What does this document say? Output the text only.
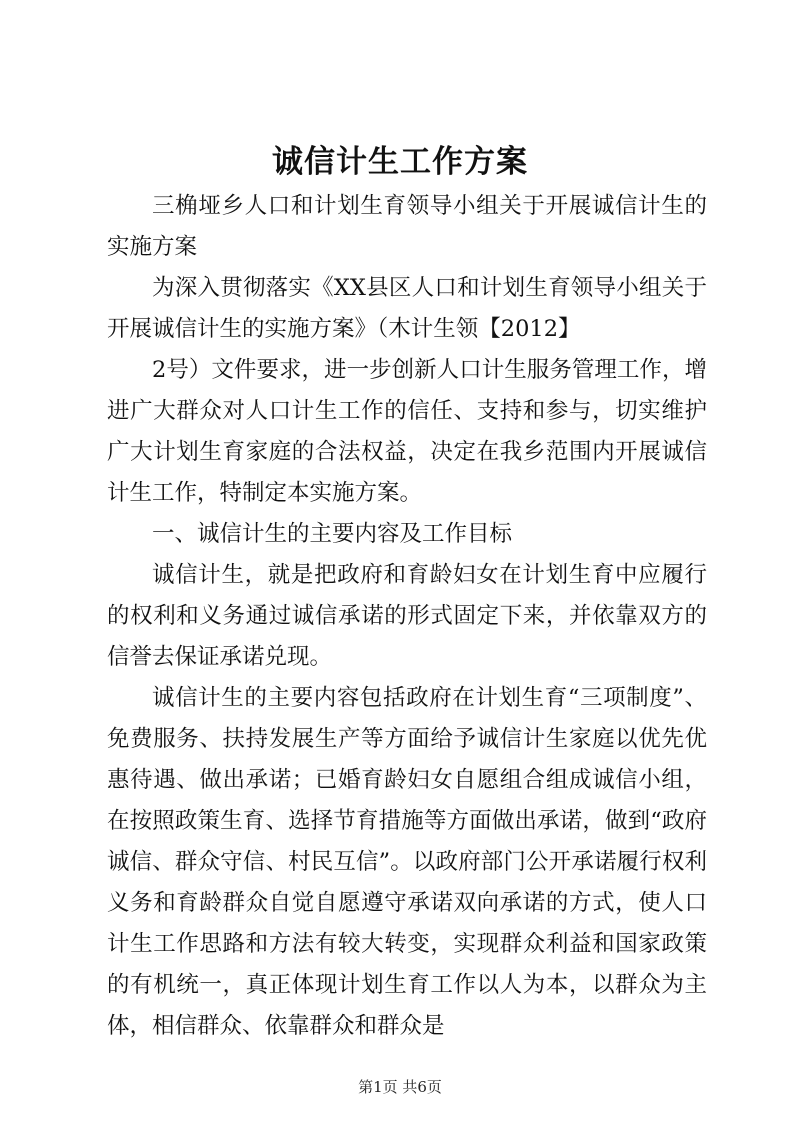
诚信计生工作方案

三桷垭乡人口和计划生育领导小组关于开展诚信计生的实施方案

为深入贯彻落实《XX县区人口和计划生育领导小组关于开展诚信计生的实施方案》（木计生领【2012】

2号）文件要求，进一步创新人口计生服务管理工作，增进广大群众对人口计生工作的信任、支持和参与，切实维护广大计划生育家庭的合法权益，决定在我乡范围内开展诚信计生工作，特制定本实施方案。

一、诚信计生的主要内容及工作目标

诚信计生，就是把政府和育龄妇女在计划生育中应履行的权利和义务通过诚信承诺的形式固定下来，并依靠双方的信誉去保证承诺兑现。

诚信计生的主要内容包括政府在计划生育“三项制度”、免费服务、扶持发展生产等方面给予诚信计生家庭以优先优惠待遇、做出承诺；已婚育龄妇女自愿组合组成诚信小组，在按照政策生育、选择节育措施等方面做出承诺，做到“政府诚信、群众守信、村民互信”。以政府部门公开承诺履行权利义务和育龄群众自觉自愿遵守承诺双向承诺的方式，使人口计生工作思路和方法有较大转变，实现群众利益和国家政策的有机统一，真正体现计划生育工作以人为本，以群众为主体，相信群众、依靠群众和群众是

第1页 共6页
